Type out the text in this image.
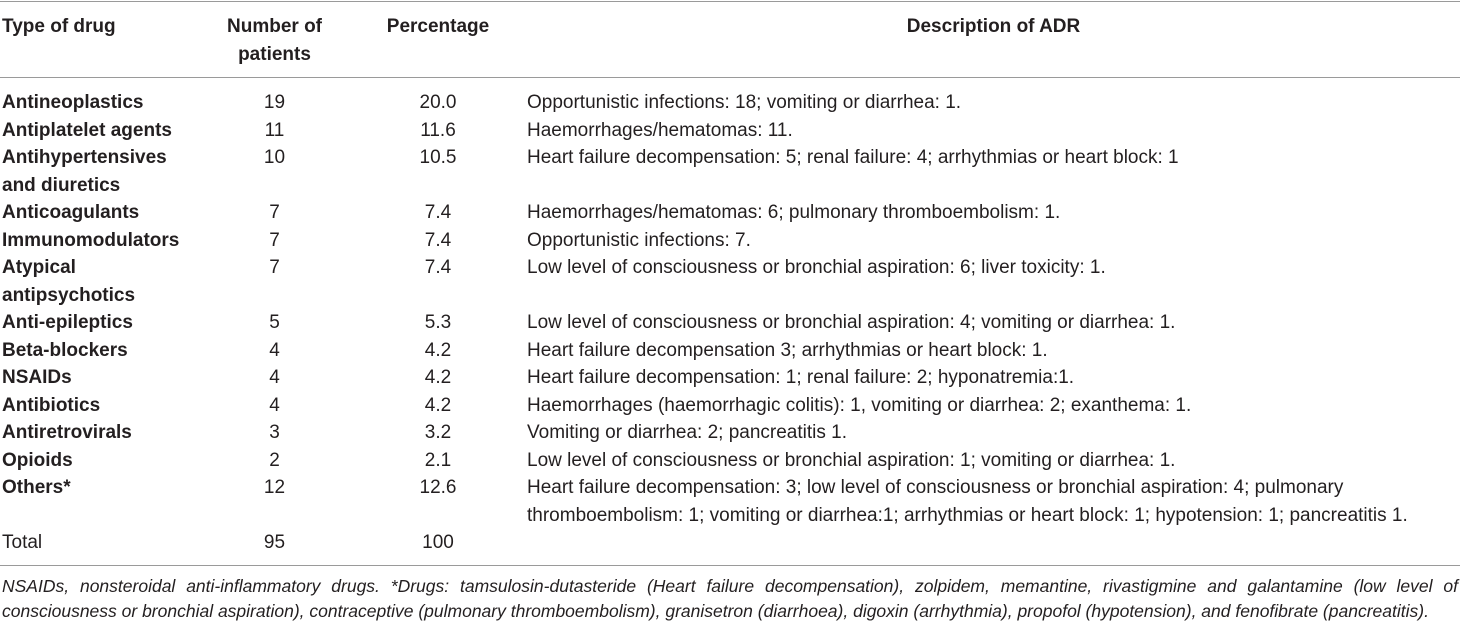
Type of drug	Number of patients	Percentage	Description of ADR
Antineoplastics	19	20.0	Opportunistic infections: 18; vomiting or diarrhea: 1.
Antiplatelet agents	11	11.6	Haemorrhages/hematomas: 11.
Antihypertensives and diuretics	10	10.5	Heart failure decompensation: 5; renal failure: 4; arrhythmias or heart block: 1
Anticoagulants	7	7.4	Haemorrhages/hematomas: 6; pulmonary thromboembolism: 1.
Immunomodulators	7	7.4	Opportunistic infections: 7.
Atypical antipsychotics	7	7.4	Low level of consciousness or bronchial aspiration: 6; liver toxicity: 1.
Anti-epileptics	5	5.3	Low level of consciousness or bronchial aspiration: 4; vomiting or diarrhea: 1.
Beta-blockers	4	4.2	Heart failure decompensation 3; arrhythmias or heart block: 1.
NSAIDs	4	4.2	Heart failure decompensation: 1; renal failure: 2; hyponatremia:1.
Antibiotics	4	4.2	Haemorrhages (haemorrhagic colitis): 1, vomiting or diarrhea: 2; exanthema: 1.
Antiretrovirals	3	3.2	Vomiting or diarrhea: 2; pancreatitis 1.
Opioids	2	2.1	Low level of consciousness or bronchial aspiration: 1; vomiting or diarrhea: 1.
Others*	12	12.6	Heart failure decompensation: 3; low level of consciousness or bronchial aspiration: 4; pulmonary thromboembolism: 1; vomiting or diarrhea:1; arrhythmias or heart block: 1; hypotension: 1; pancreatitis 1.
Total	95	100	
NSAIDs, nonsteroidal anti-inflammatory drugs. *Drugs: tamsulosin-dutasteride (Heart failure decompensation), zolpidem, memantine, rivastigmine and galantamine (low level of
consciousness or bronchial aspiration), contraceptive (pulmonary thromboembolism), granisetron (diarrhoea), digoxin (arrhythmia), propofol (hypotension), and fenofibrate (pancreatitis).
